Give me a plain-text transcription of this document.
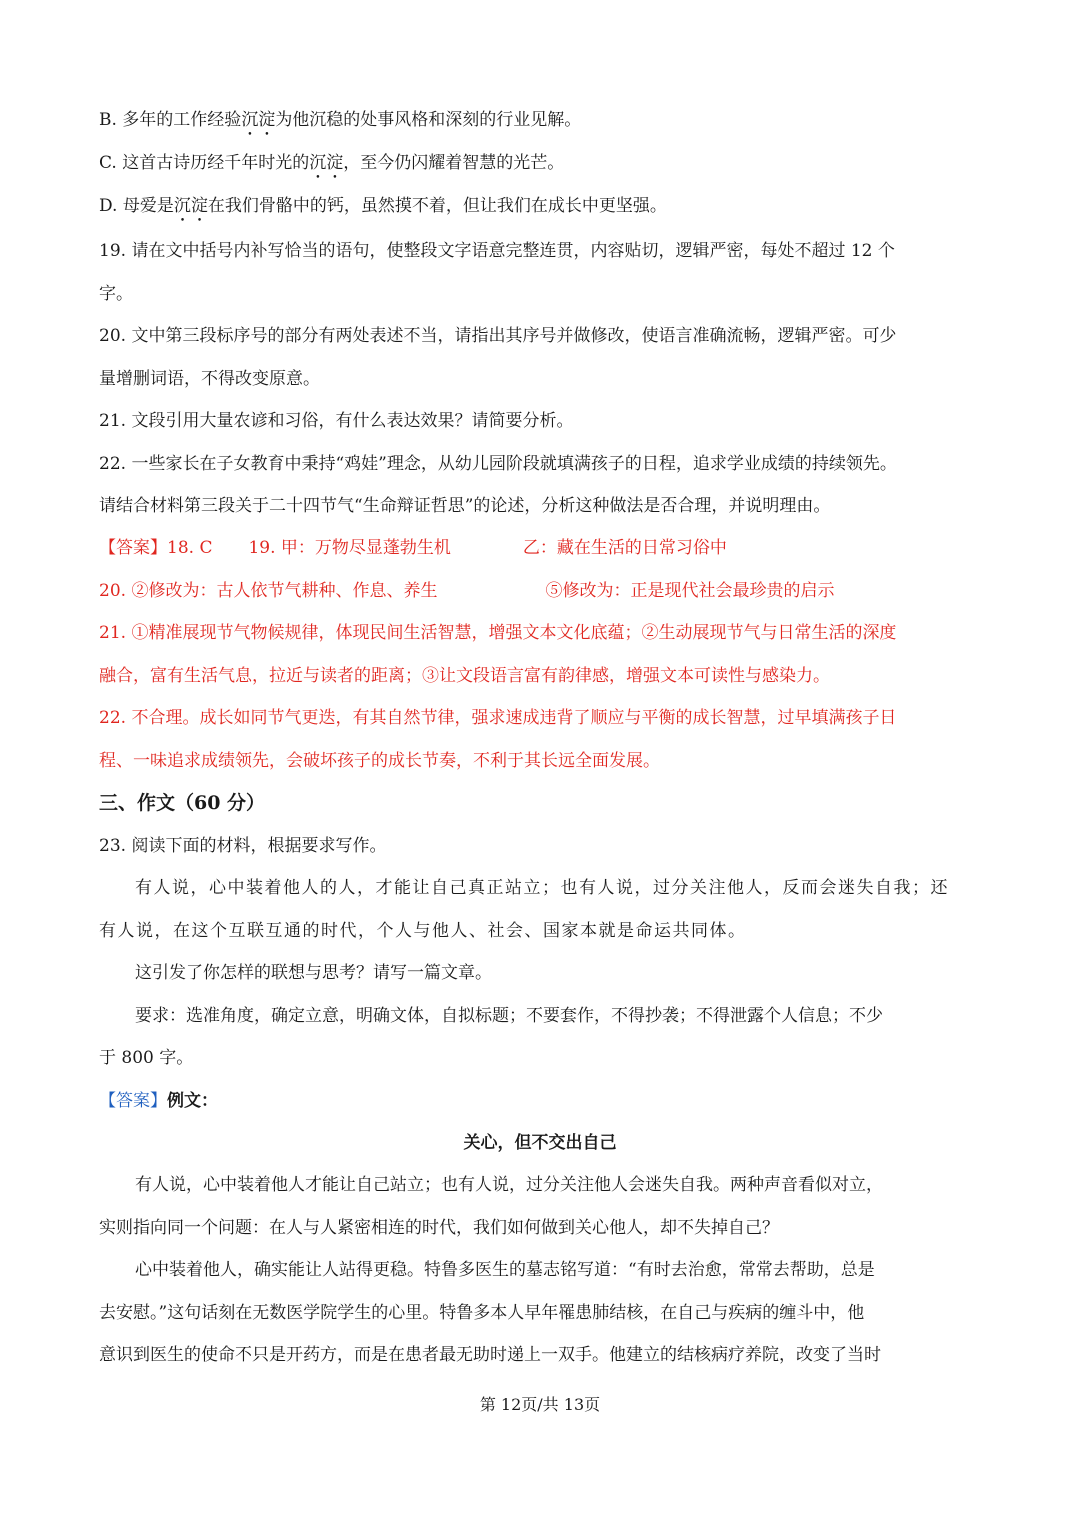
B. 多年的工作经验沉淀为他沉稳的处事风格和深刻的行业见解。
C. 这首古诗历经千年时光的沉淀，至今仍闪耀着智慧的光芒。
D. 母爱是沉淀在我们骨骼中的钙，虽然摸不着，但让我们在成长中更坚强。
19. 请在文中括号内补写恰当的语句，使整段文字语意完整连贯，内容贴切，逻辑严密，每处不超过 12 个
字。
20. 文中第三段标序号的部分有两处表述不当，请指出其序号并做修改，使语言准确流畅，逻辑严密。可少
量增删词语，不得改变原意。
21. 文段引用大量农谚和习俗，有什么表达效果？请简要分析。
22. 一些家长在子女教育中秉持“鸡娃”理念，从幼儿园阶段就填满孩子的日程，追求学业成绩的持续领先。
请结合材料第三段关于二十四节气“生命辩证哲思”的论述，分析这种做法是否合理，并说明理由。
【答案】18. C 19. 甲：万物尽显蓬勃生机	乙：藏在生活的日常习俗中
20. ②修改为：古人依节气耕种、作息、养生	⑤修改为：正是现代社会最珍贵的启示
21. ①精准展现节气物候规律，体现民间生活智慧，增强文本文化底蕴；②生动展现节气与日常生活的深度
融合，富有生活气息，拉近与读者的距离；③让文段语言富有韵律感，增强文本可读性与感染力。
22. 不合理。成长如同节气更迭，有其自然节律，强求速成违背了顺应与平衡的成长智慧，过早填满孩子日
程、一味追求成绩领先，会破坏孩子的成长节奏，不利于其长远全面发展。
三、作文（60 分）
23. 阅读下面的材料，根据要求写作。
有人说，心中装着他人的人，才能让自己真正站立；也有人说，过分关注他人，反而会迷失自我；还
有人说，在这个互联互通的时代，个人与他人、社会、国家本就是命运共同体。
这引发了你怎样的联想与思考？请写一篇文章。
要求：选准角度，确定立意，明确文体，自拟标题；不要套作，不得抄袭；不得泄露个人信息；不少
于 800 字。
【答案】例文：
关心，但不交出自己
有人说，心中装着他人才能让自己站立；也有人说，过分关注他人会迷失自我。两种声音看似对立，
实则指向同一个问题：在人与人紧密相连的时代，我们如何做到关心他人，却不失掉自己？
心中装着他人，确实能让人站得更稳。特鲁多医生的墓志铭写道：“有时去治愈，常常去帮助，总是
去安慰。”这句话刻在无数医学院学生的心里。特鲁多本人早年罹患肺结核，在自己与疾病的缠斗中，他
意识到医生的使命不只是开药方，而是在患者最无助时递上一双手。他建立的结核病疗养院，改变了当时
第 12页/共 13页
